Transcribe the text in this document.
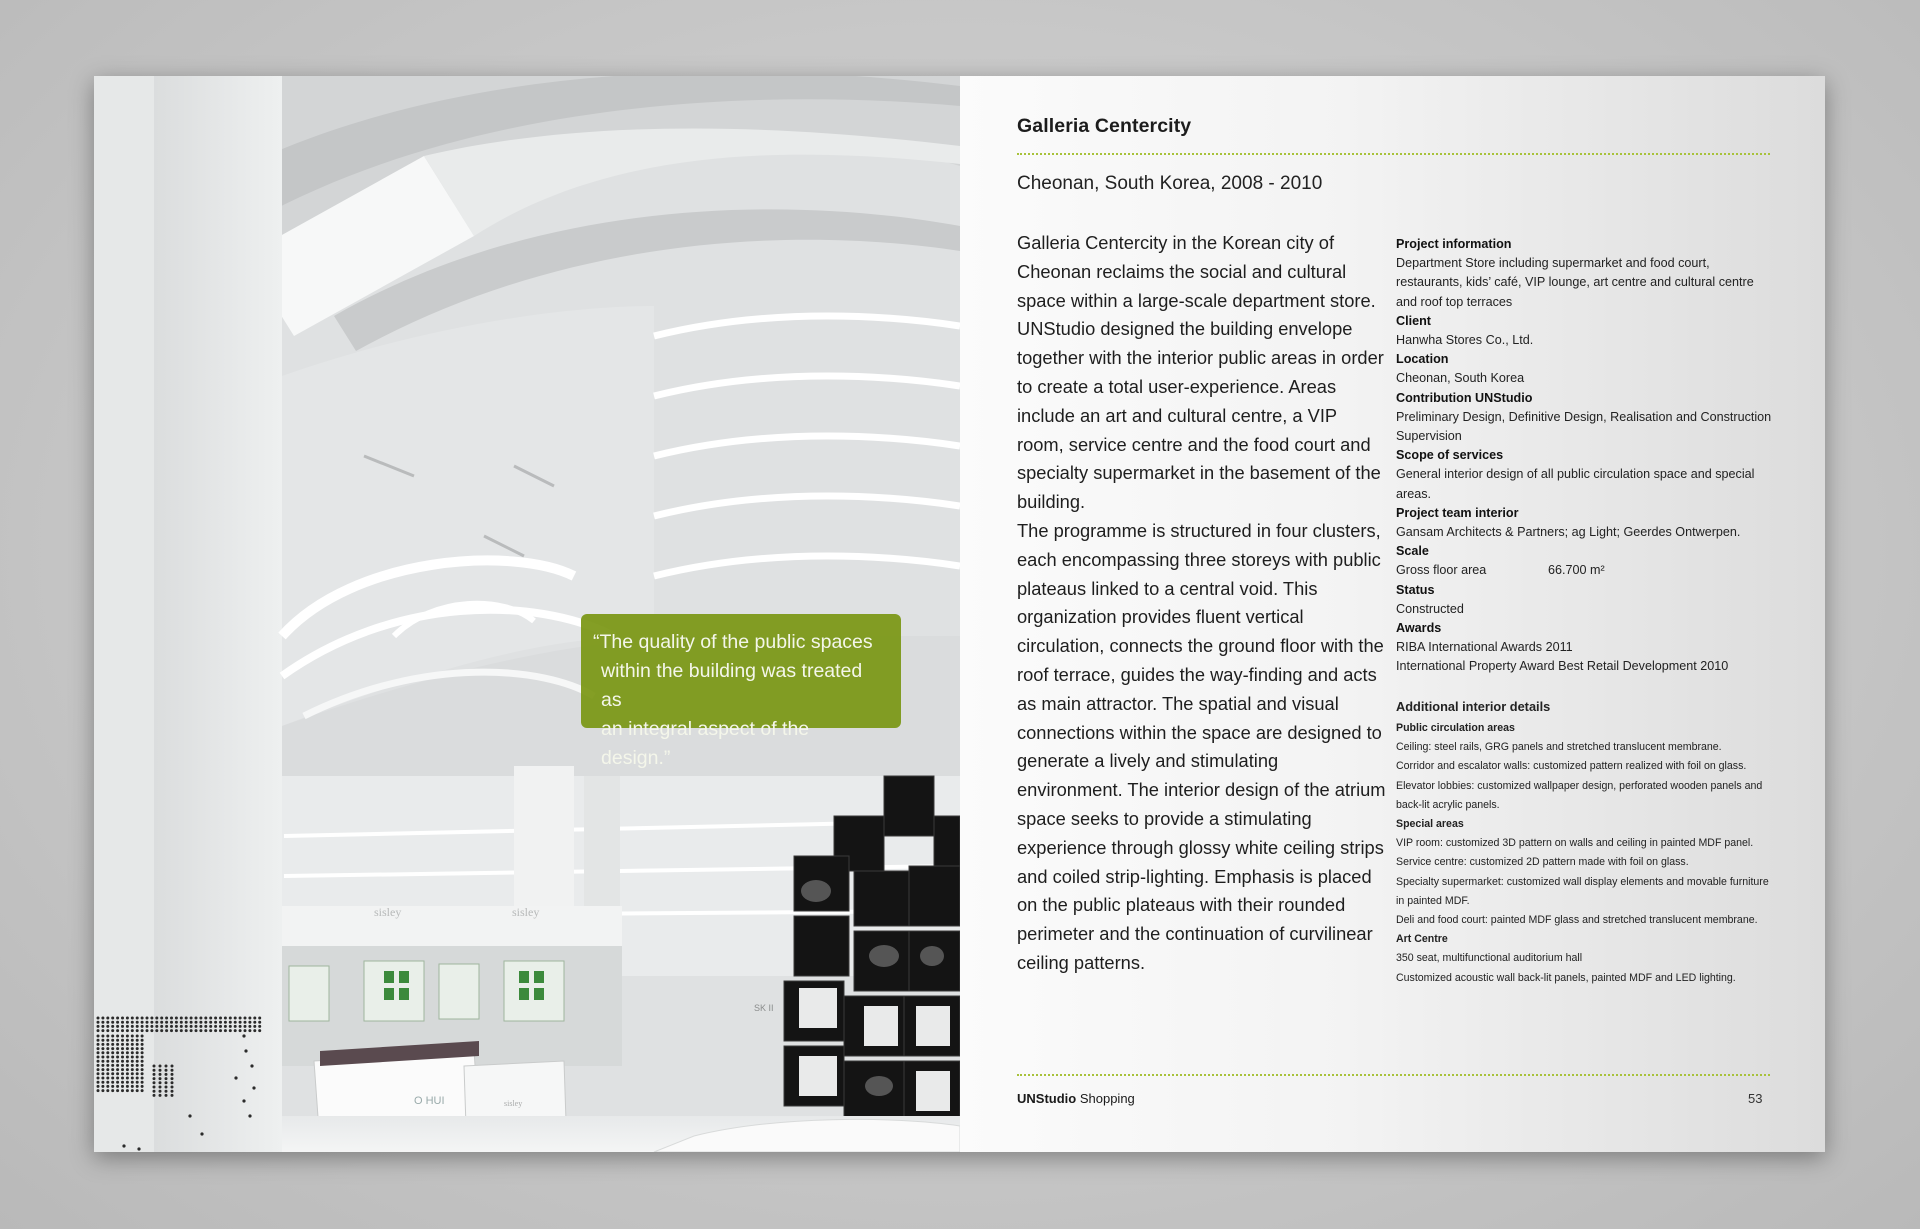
sisley	sisley
O HUI	sisley
SK II
“The quality of the public spaces
within the building was treated as
an integral aspect of the design.”
Galleria Centercity
Cheonan, South Korea, 2008 - 2010

Galleria Centercity in the Korean city of Cheonan reclaims the social and cultural space within a large-scale department store. UNStudio designed the building envelope together with the interior public areas in order to create a total user-experience. Areas include an art and cultural centre, a VIP room, service centre and the food court and specialty supermarket in the basement of the building.

The programme is structured in four clusters, each encompassing three storeys with public plateaus linked to a central void. This organization provides fluent vertical circulation, connects the ground floor with the roof terrace, guides the way-finding and acts as main attractor. The spatial and visual connections within the space are designed to generate a lively and stimulating environment. The interior design of the atrium space seeks to provide a stimulating experience through glossy white ceiling strips and coiled strip-lighting. Emphasis is placed on the public plateaus with their rounded perimeter and the continuation of curvilinear ceiling patterns.

Project information
Department Store including supermarket and food court, restaurants, kids’ café, VIP lounge, art centre and cultural centre and roof top terraces
Client
Hanwha Stores Co., Ltd.
Location
Cheonan, South Korea
Contribution UNStudio
Preliminary Design, Definitive Design, Realisation and Construction Supervision
Scope of services
General interior design of all public circulation space and special areas.
Project team interior
Gansam Architects & Partners; ag Light; Geerdes Ontwerpen.
Scale
Gross floor area	66.700 m²
Status
Constructed
Awards
RIBA International Awards 2011
International Property Award Best Retail Development 2010
Additional interior details
Public circulation areas
Ceiling: steel rails, GRG panels and stretched translucent membrane.
Corridor and escalator walls: customized pattern realized with foil on glass.
Elevator lobbies: customized wallpaper design, perforated wooden panels and back-lit acrylic panels.
Special areas
VIP room: customized 3D pattern on walls and ceiling in painted MDF panel.
Service centre: customized 2D pattern made with foil on glass.
Specialty supermarket: customized wall display elements and movable furniture in painted MDF.
Deli and food court: painted MDF glass and stretched translucent membrane.
Art Centre
350 seat, multifunctional auditorium hall
Customized acoustic wall back-lit panels, painted MDF and LED lighting.
UNStudio Shopping	53
